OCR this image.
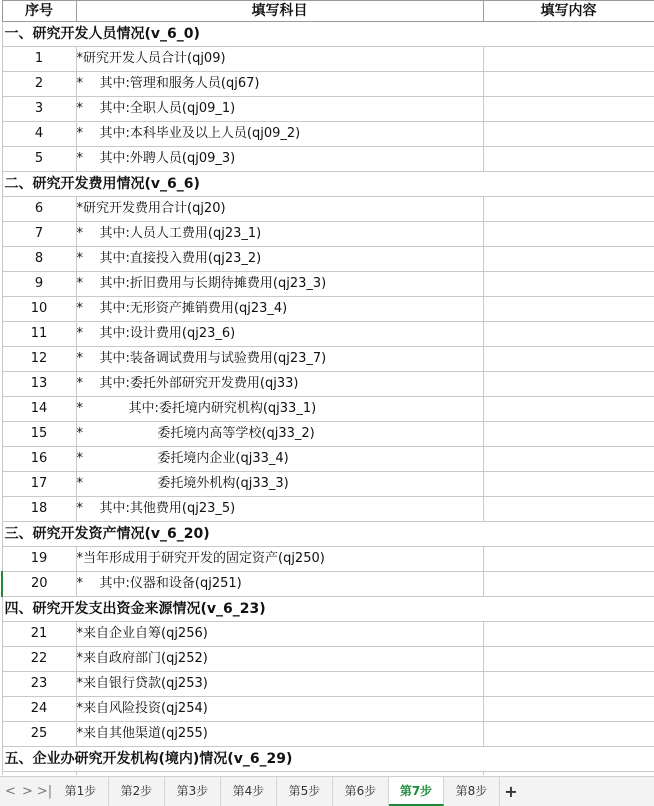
序号	填写科目	填写内容
一、研究开发人员情况(v_6_0)		
1	*研究开发人员合计(qj09)	
2	*    其中:管理和服务人员(qj67)	
3	*    其中:全职人员(qj09_1)	
4	*    其中:本科毕业及以上人员(qj09_2)	
5	*    其中:外聘人员(qj09_3)	
二、研究开发费用情况(v_6_6)		
6	*研究开发费用合计(qj20)	
7	*    其中:人员人工费用(qj23_1)	
8	*    其中:直接投入费用(qj23_2)	
9	*    其中:折旧费用与长期待摊费用(qj23_3)	
10	*    其中:无形资产摊销费用(qj23_4)	
11	*    其中:设计费用(qj23_6)	
12	*    其中:装备调试费用与试验费用(qj23_7)	
13	*    其中:委托外部研究开发费用(qj33)	
14	*           其中:委托境内研究机构(qj33_1)	
15	*                  委托境内高等学校(qj33_2)	
16	*                  委托境内企业(qj33_4)	
17	*                  委托境外机构(qj33_3)	
18	*    其中:其他费用(qj23_5)	
三、研究开发资产情况(v_6_20)		
19	*当年形成用于研究开发的固定资产(qj250)	
20	*    其中:仪器和设备(qj251)	
四、研究开发支出资金来源情况(v_6_23)		
21	*来自企业自筹(qj256)	
22	*来自政府部门(qj252)	
23	*来自银行贷款(qj253)	
24	*来自风险投资(qj254)	
25	*来自其他渠道(qj255)	
五、企业办研究开发机构(境内)情况(v_6_29)		

< > >|	第1步	第2步	第3步	第4步	第5步	第6步	第7步	第8步	+
